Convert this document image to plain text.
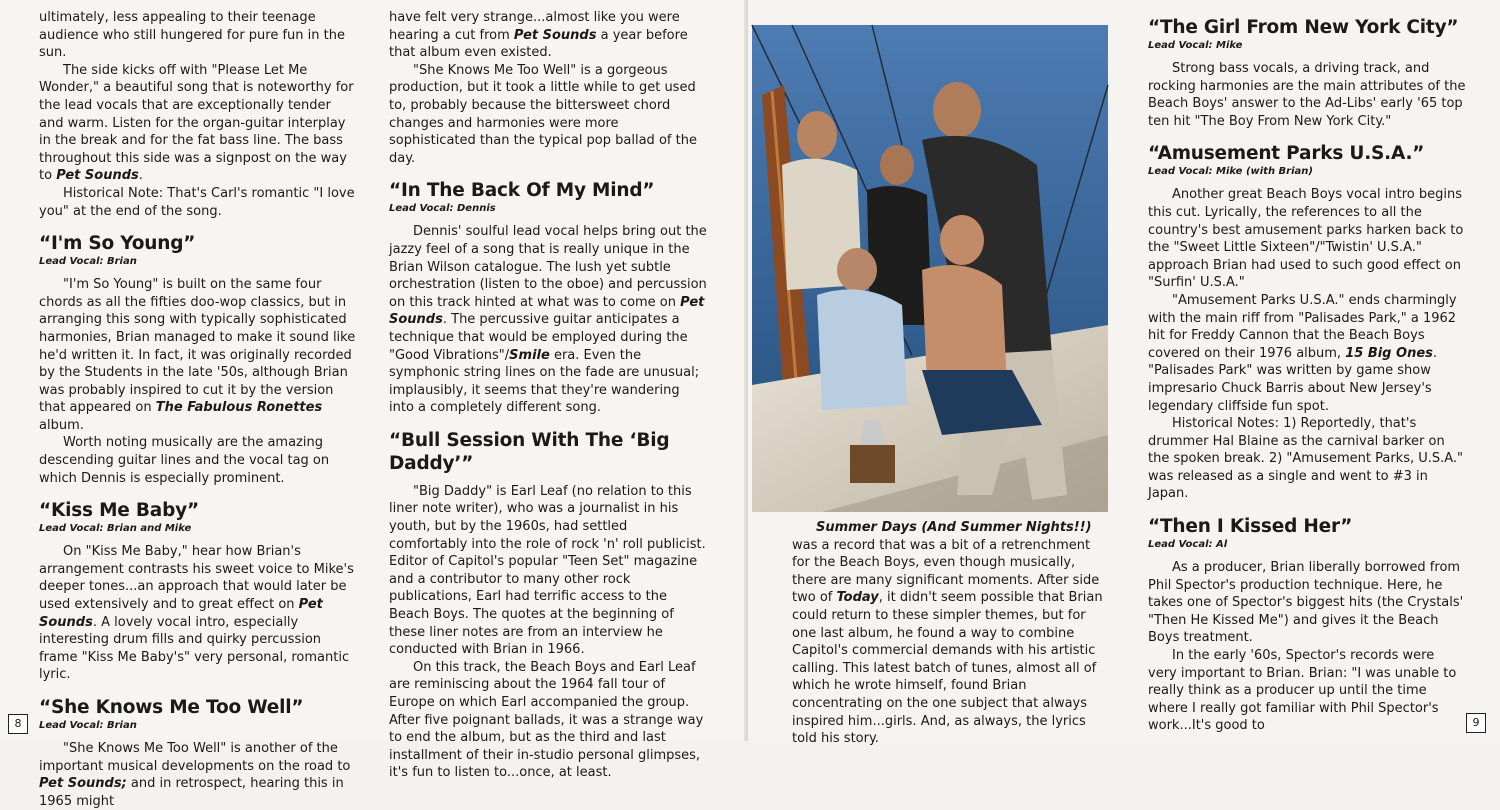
ultimately, less appealing to their teenage audience who still hungered for pure fun in the sun.

The side kicks off with "Please Let Me Wonder," a beautiful song that is noteworthy for the lead vocals that are exceptionally tender and warm. Listen for the organ-guitar interplay in the break and for the fat bass line. The bass throughout this side was a signpost on the way to Pet Sounds.

Historical Note: That's Carl's romantic "I love you" at the end of the song.

“I'm So Young”
Lead Vocal: Brian

"I'm So Young" is built on the same four chords as all the fifties doo-wop classics, but in arranging this song with typically sophisticated harmonies, Brian managed to make it sound like he'd written it. In fact, it was originally recorded by the Students in the late '50s, although Brian was probably inspired to cut it by the version that appeared on The Fabulous Ronettes album.

Worth noting musically are the amazing descending guitar lines and the vocal tag on which Dennis is especially prominent.

“Kiss Me Baby”
Lead Vocal: Brian and Mike

On "Kiss Me Baby," hear how Brian's arrangement contrasts his sweet voice to Mike's deeper tones...an approach that would later be used extensively and to great effect on Pet Sounds. A lovely vocal intro, especially interesting drum fills and quirky percussion frame "Kiss Me Baby's" very personal, romantic lyric.

“She Knows Me Too Well”
Lead Vocal: Brian

"She Knows Me Too Well" is another of the important musical developments on the road to Pet Sounds; and in retrospect, hearing this in 1965 might

have felt very strange...almost like you were hearing a cut from Pet Sounds a year before that album even existed.

"She Knows Me Too Well" is a gorgeous production, but it took a little while to get used to, probably because the bittersweet chord changes and harmonies were more sophisticated than the typical pop ballad of the day.

“In The Back Of My Mind”
Lead Vocal: Dennis

Dennis' soulful lead vocal helps bring out the jazzy feel of a song that is really unique in the Brian Wilson catalogue. The lush yet subtle orchestration (listen to the oboe) and percussion on this track hinted at what was to come on Pet Sounds. The percussive guitar anticipates a technique that would be employed during the "Good Vibrations"/Smile era. Even the symphonic string lines on the fade are unusual; implausibly, it seems that they're wandering into a completely different song.

“Bull Session With The ‘Big Daddy’”

"Big Daddy" is Earl Leaf (no relation to this liner note writer), who was a journalist in his youth, but by the 1960s, had settled comfortably into the role of rock 'n' roll publicist. Editor of Capitol's popular "Teen Set" magazine and a contributor to many other rock publications, Earl had terrific access to the Beach Boys. The quotes at the beginning of these liner notes are from an interview he conducted with Brian in 1966.

On this track, the Beach Boys and Earl Leaf are reminiscing about the 1964 fall tour of Europe on which Earl accompanied the group. After five poignant ballads, it was a strange way to end the album, but as the third and last installment of their in-studio personal glimpses, it's fun to listen to...once, at least.

8

Summer Days (And Summer Nights!!) was a record that was a bit of a retrenchment for the Beach Boys, even though musically, there are many significant moments. After side two of Today, it didn't seem possible that Brian could return to these simpler themes, but for one last album, he found a way to combine Capitol's commercial demands with his artistic calling. This latest batch of tunes, almost all of which he wrote himself, found Brian concentrating on the one subject that always inspired him...girls. And, as always, the lyrics told his story.

“The Girl From New York City”
Lead Vocal: Mike

Strong bass vocals, a driving track, and rocking harmonies are the main attributes of the Beach Boys' answer to the Ad-Libs' early '65 top ten hit "The Boy From New York City."

“Amusement Parks U.S.A.”
Lead Vocal: Mike (with Brian)

Another great Beach Boys vocal intro begins this cut. Lyrically, the references to all the country's best amusement parks harken back to the "Sweet Little Sixteen"/"Twistin' U.S.A." approach Brian had used to such good effect on "Surfin' U.S.A."

"Amusement Parks U.S.A." ends charmingly with the main riff from "Palisades Park," a 1962 hit for Freddy Cannon that the Beach Boys covered on their 1976 album, 15 Big Ones. "Palisades Park" was written by game show impresario Chuck Barris about New Jersey's legendary cliffside fun spot.

Historical Notes: 1) Reportedly, that's drummer Hal Blaine as the carnival barker on the spoken break. 2) "Amusement Parks, U.S.A." was released as a single and went to #3 in Japan.

“Then I Kissed Her”
Lead Vocal: Al

As a producer, Brian liberally borrowed from Phil Spector's production technique. Here, he takes one of Spector's biggest hits (the Crystals' "Then He Kissed Me") and gives it the Beach Boys treatment.

In the early '60s, Spector's records were very important to Brian. Brian: "I was unable to really think as a producer up until the time where I really got familiar with Phil Spector's work...It's good to	9
